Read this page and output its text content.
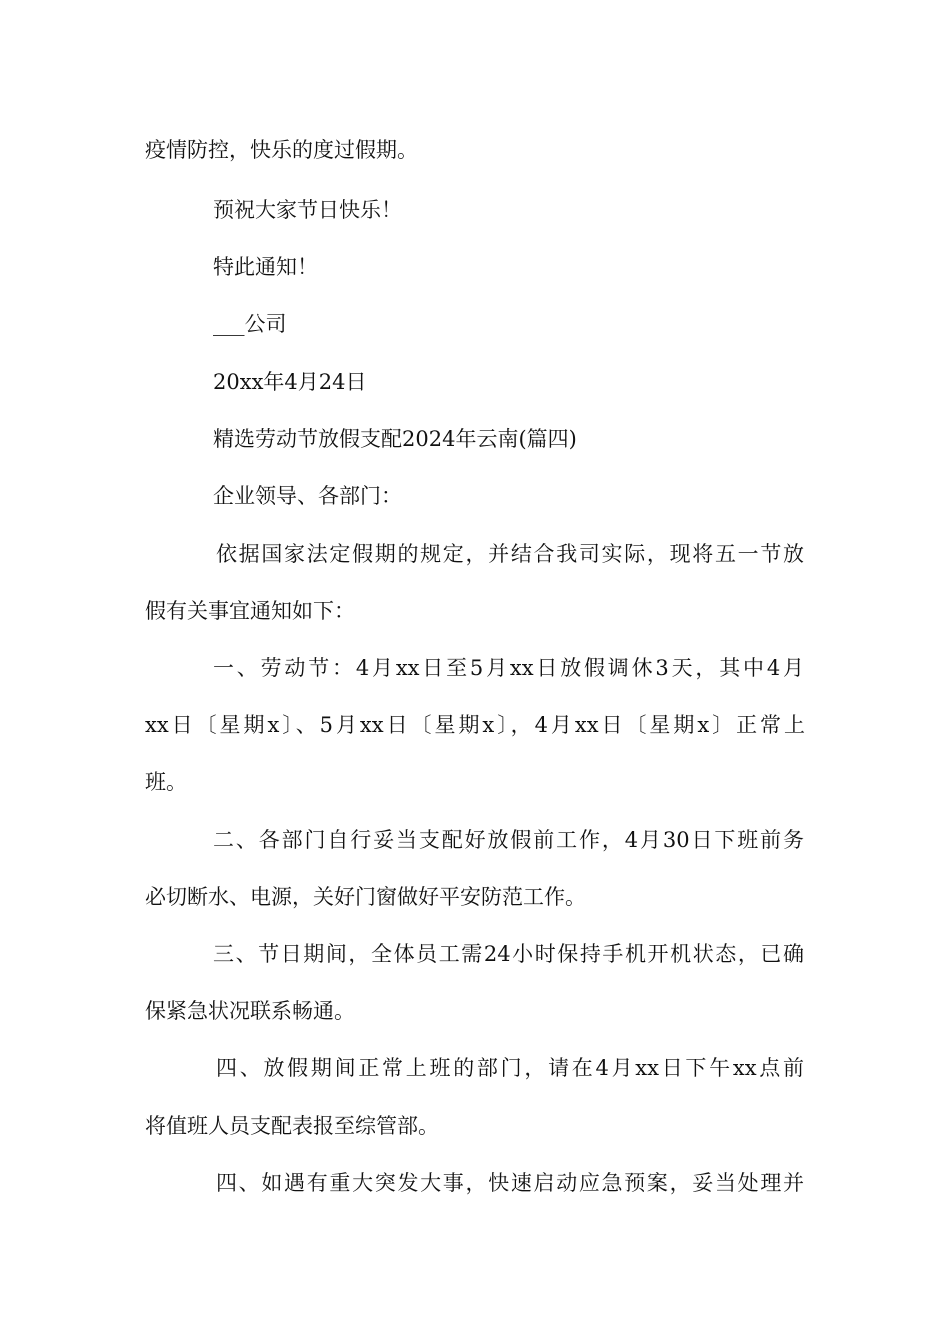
疫情防控，快乐的度过假期。
预祝大家节日快乐！
特此通知！
___公司
20xx年4月24日
精选劳动节放假支配2024年云南(篇四)
企业领导、各部门：
依据国家法定假期的规定，并结合我司实际，现将五一节放
假有关事宜通知如下：
一、劳动节：4月xx日至5月xx日放假调休3天，其中4月
xx日〔星期x〕、5月xx日〔星期x〕，4月xx日〔星期x〕正常上
班。
二、各部门自行妥当支配好放假前工作，4月30日下班前务
必切断水、电源，关好门窗做好平安防范工作。
三、节日期间，全体员工需24小时保持手机开机状态，已确
保紧急状况联系畅通。
四、放假期间正常上班的部门，请在4月xx日下午xx点前
将值班人员支配表报至综管部。
四、如遇有重大突发大事，快速启动应急预案，妥当处理并
